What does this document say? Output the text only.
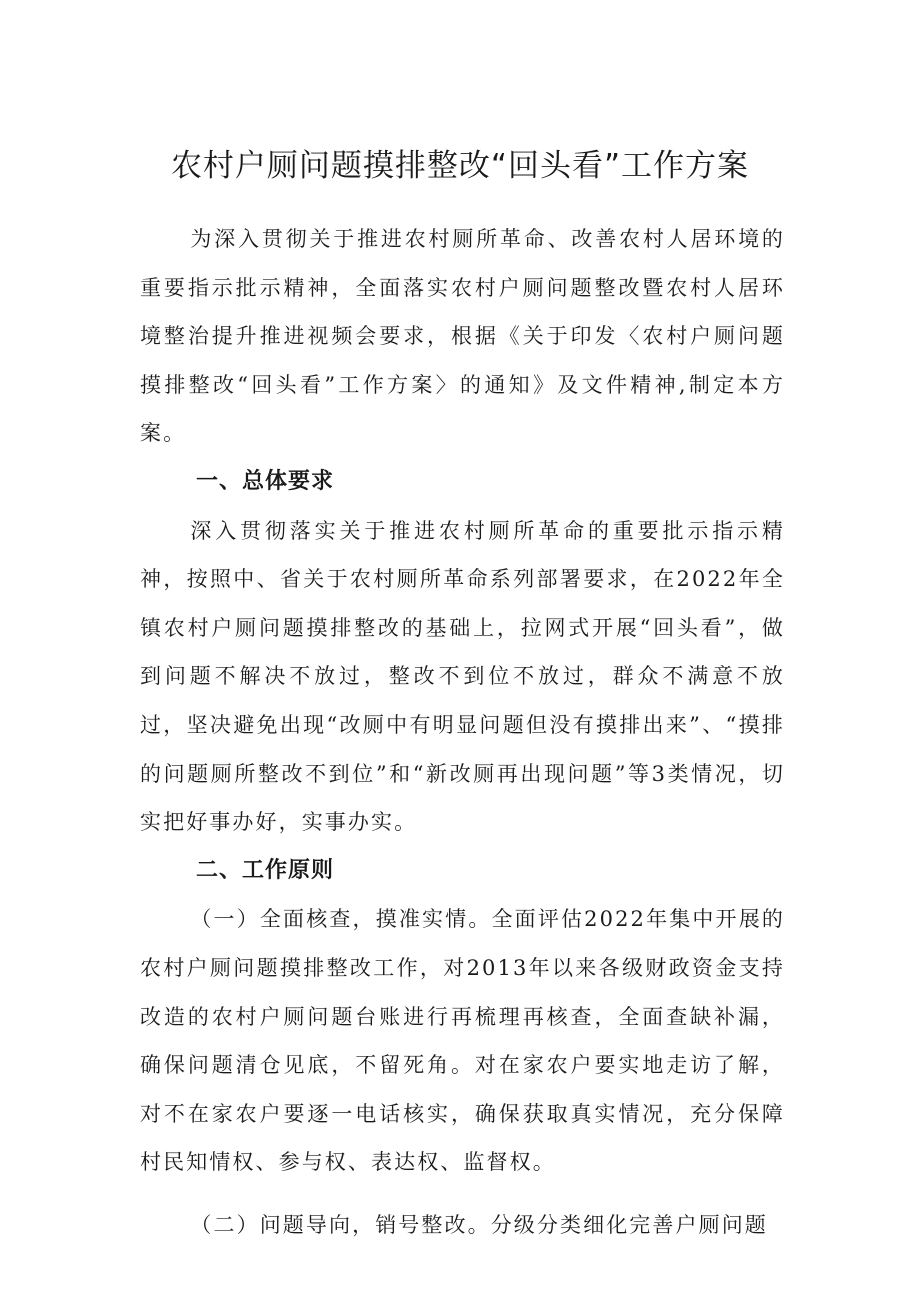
农村户厕问题摸排整改“回头看”工作方案

为深入贯彻关于推进农村厕所革命、改善农村人居环境的重要指示批示精神，全面落实农村户厕问题整改暨农村人居环境整治提升推进视频会要求，根据《关于印发〈农村户厕问题摸排整改“回头看”工作方案〉的通知》及文件精神,制定本方案。

一、总体要求

深入贯彻落实关于推进农村厕所革命的重要批示指示精神，按照中、省关于农村厕所革命系列部署要求，在2022年全镇农村户厕问题摸排整改的基础上，拉网式开展“回头看”，做到问题不解决不放过，整改不到位不放过，群众不满意不放过，坚决避免出现“改厕中有明显问题但没有摸排出来”、“摸排的问题厕所整改不到位”和“新改厕再出现问题”等3类情况，切实把好事办好，实事办实。

二、工作原则

（一）全面核查，摸准实情。全面评估2022年集中开展的农村户厕问题摸排整改工作，对2013年以来各级财政资金支持改造的农村户厕问题台账进行再梳理再核查，全面查缺补漏，确保问题清仓见底，不留死角。对在家农户要实地走访了解，对不在家农户要逐一电话核实，确保获取真实情况，充分保障村民知情权、参与权、表达权、监督权。

（二）问题导向，销号整改。分级分类细化完善户厕问题
